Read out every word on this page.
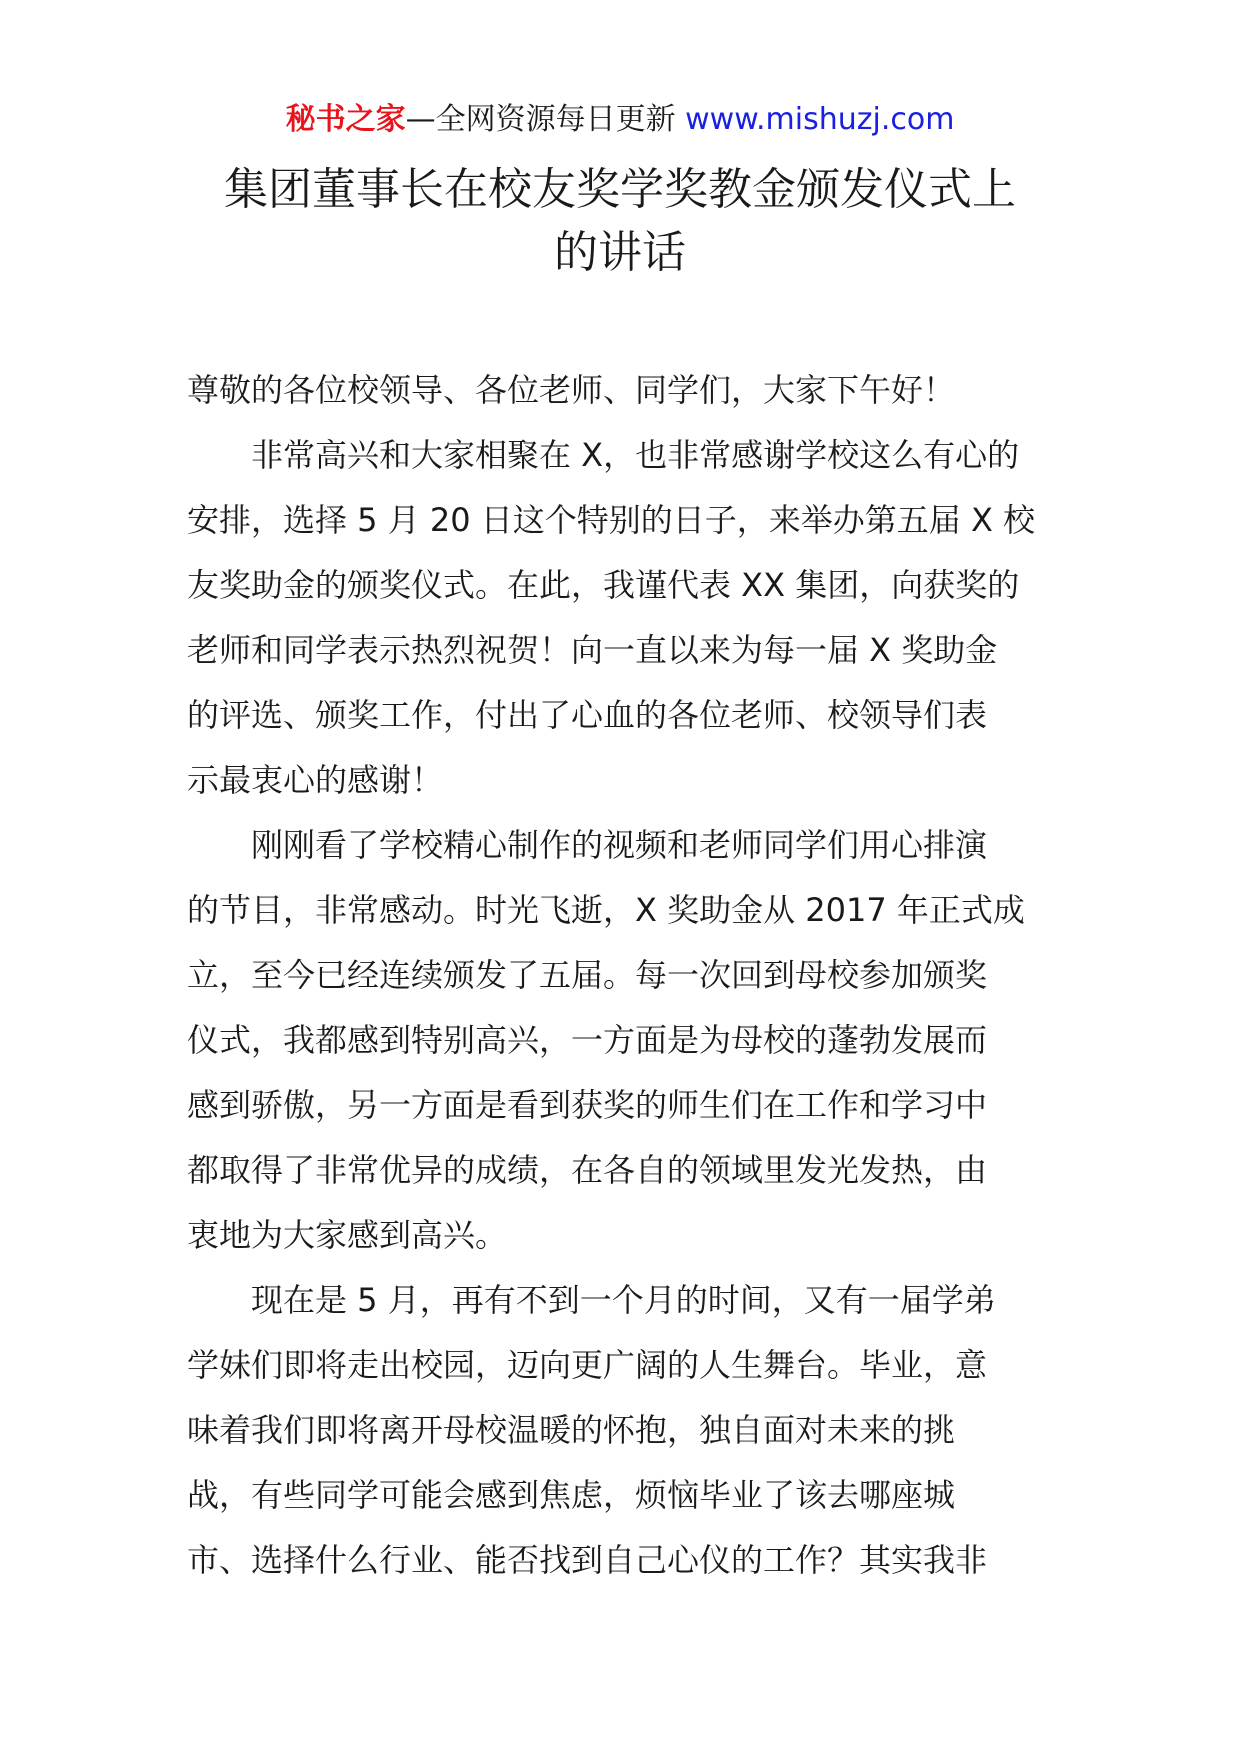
秘书之家—全网资源每日更新 www.mishuzj.com
集团董事长在校友奖学奖教金颁发仪式上
的讲话

尊敬的各位校领导、各位老师、同学们，大家下午好！

非常高兴和大家相聚在 X，也非常感谢学校这么有心的
安排，选择 5 月 20 日这个特别的日子，来举办第五届 X 校
友奖助金的颁奖仪式。在此，我谨代表 XX 集团，向获奖的
老师和同学表示热烈祝贺！向一直以来为每一届 X 奖助金
的评选、颁奖工作，付出了心血的各位老师、校领导们表
示最衷心的感谢！

刚刚看了学校精心制作的视频和老师同学们用心排演
的节目，非常感动。时光飞逝，X 奖助金从 2017 年正式成
立，至今已经连续颁发了五届。每一次回到母校参加颁奖
仪式，我都感到特别高兴，一方面是为母校的蓬勃发展而
感到骄傲，另一方面是看到获奖的师生们在工作和学习中
都取得了非常优异的成绩，在各自的领域里发光发热，由
衷地为大家感到高兴。

现在是 5 月，再有不到一个月的时间，又有一届学弟
学妹们即将走出校园，迈向更广阔的人生舞台。毕业，意
味着我们即将离开母校温暖的怀抱，独自面对未来的挑
战，有些同学可能会感到焦虑，烦恼毕业了该去哪座城
市、选择什么行业、能否找到自己心仪的工作？其实我非
